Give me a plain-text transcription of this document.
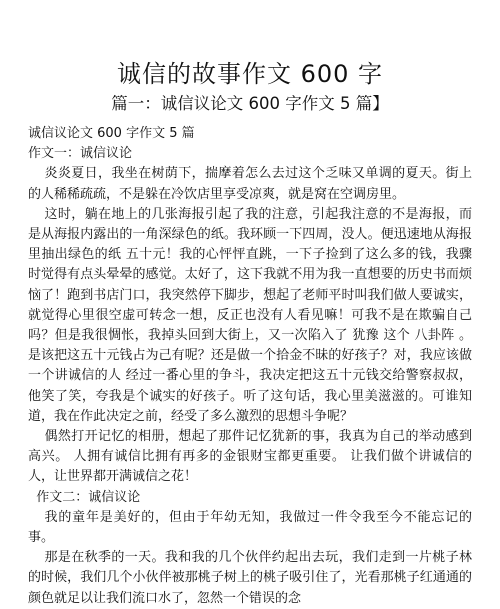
诚信的故事作文 600 字
篇一：诚信议论文 600 字作文 5 篇】

诚信议论文 600 字作文 5 篇

作文一：诚信议论

炎炎夏日，我坐在树荫下，揣摩着怎么去过这个乏味又单调的夏天。街上的人稀稀疏疏，不是躲在冷饮店里享受凉爽，就是窝在空调房里。

这时，躺在地上的几张海报引起了我的注意，引起我注意的不是海报，而是从海报内露出的一角深绿色的纸。我环顾一下四周，没人。便迅速地从海报里抽出绿色的纸 五十元！我的心怦怦直跳，一下子捡到了这么多的钱，我骤时觉得有点头晕晕的感觉。太好了，这下我就不用为我一直想要的历史书而烦恼了！跑到书店门口，我突然停下脚步，想起了老师平时叫我们做人要诚实，就觉得心里很空虚可转念一想，反正也没有人看见嘛！可我不是在欺骗自己吗？但是我很惆怅，我掉头回到大街上，又一次陷入了 犹豫 这个 八卦阵 。是该把这五十元钱占为己有呢？还是做一个拾金不昧的好孩子？对，我应该做一个讲诚信的人 经过一番心里的争斗，我决定把这五十元钱交给警察叔叔，他笑了笑，夸我是个诚实的好孩子。听了这句话，我心里美滋滋的。可谁知道，我在作此决定之前，经受了多么激烈的思想斗争呢？

偶然打开记忆的相册，想起了那件记忆犹新的事，我真为自己的举动感到高兴。 人拥有诚信比拥有再多的金银财宝都更重要。 让我们做个讲诚信的人，让世界都开满诚信之花！

作文二：诚信议论

我的童年是美好的，但由于年幼无知，我做过一件令我至今不能忘记的事。

那是在秋季的一天。我和我的几个伙伴约起出去玩，我们走到一片桃子林的时候，我们几个小伙伴被那桃子树上的桃子吸引住了，光看那桃子红通通的颜色就足以让我们流口水了，忽然一个错误的念
